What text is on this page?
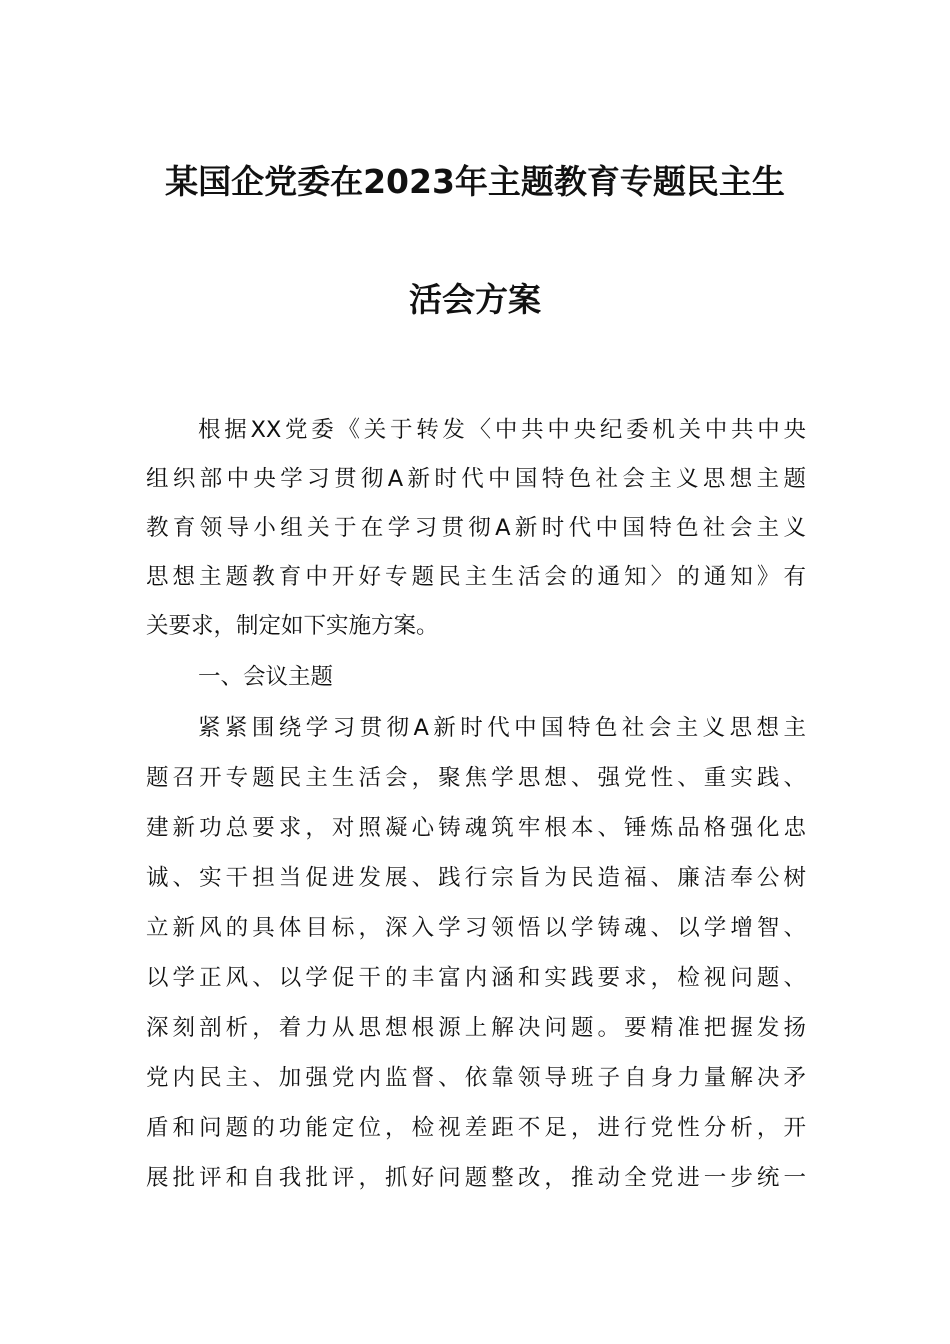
某国企党委在2023年主题教育专题民主生
活会方案
根据XX党委《关于转发〈中共中央纪委机关中共中央
组织部中央学习贯彻A新时代中国特色社会主义思想主题
教育领导小组关于在学习贯彻A新时代中国特色社会主义
思想主题教育中开好专题民主生活会的通知〉的通知》有
关要求，制定如下实施方案。
一、会议主题
紧紧围绕学习贯彻A新时代中国特色社会主义思想主
题召开专题民主生活会，聚焦学思想、强党性、重实践、
建新功总要求，对照凝心铸魂筑牢根本、锤炼品格强化忠
诚、实干担当促进发展、践行宗旨为民造福、廉洁奉公树
立新风的具体目标，深入学习领悟以学铸魂、以学增智、
以学正风、以学促干的丰富内涵和实践要求，检视问题、
深刻剖析，着力从思想根源上解决问题。要精准把握发扬
党内民主、加强党内监督、依靠领导班子自身力量解决矛
盾和问题的功能定位，检视差距不足，进行党性分析，开
展批评和自我批评，抓好问题整改，推动全党进一步统一
